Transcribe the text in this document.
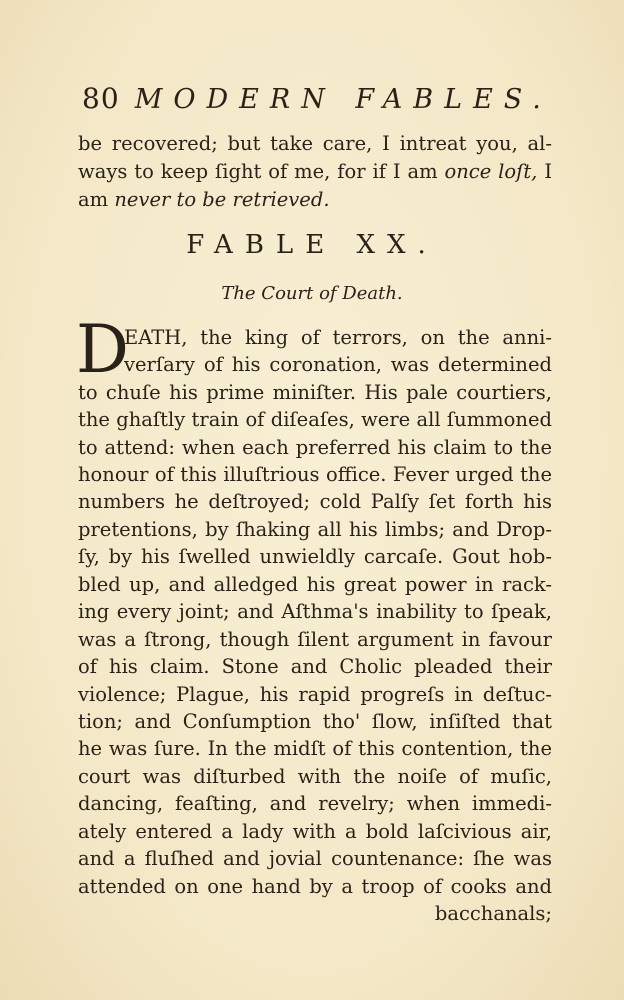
80 MODERN FABLES.
be recovered; but take care, I intreat you, al-
ways to keep ſight of me, for if I am once loſt, I
am never to be retrieved.
FABLE XX.
The Court of Death.
D
EATH, the king of terrors, on the anni-
verſary of his coronation, was determined
to chuſe his prime miniſter. His pale courtiers,
the ghaſtly train of diſeaſes, were all ſummoned
to attend: when each preferred his claim to the
honour of this illuſtrious office. Fever urged the
numbers he deſtroyed; cold Palſy ſet forth his
pretentions, by ſhaking all his limbs; and Drop-
ſy, by his ſwelled unwieldly carcaſe. Gout hob-
bled up, and alledged his great power in rack-
ing every joint; and Aſthma's inability to ſpeak,
was a ſtrong, though ſilent argument in favour
of his claim. Stone and Cholic pleaded their
violence; Plague, his rapid progreſs in deſtuc-
tion; and Conſumption tho' ſlow, inſiſted that
he was ſure. In the midſt of this contention, the
court was diſturbed with the noiſe of muſic,
dancing, feaſting, and revelry; when immedi-
ately entered a lady with a bold laſcivious air,
and a fluſhed and jovial countenance: ſhe was
attended on one hand by a troop of cooks and
bacchanals;
